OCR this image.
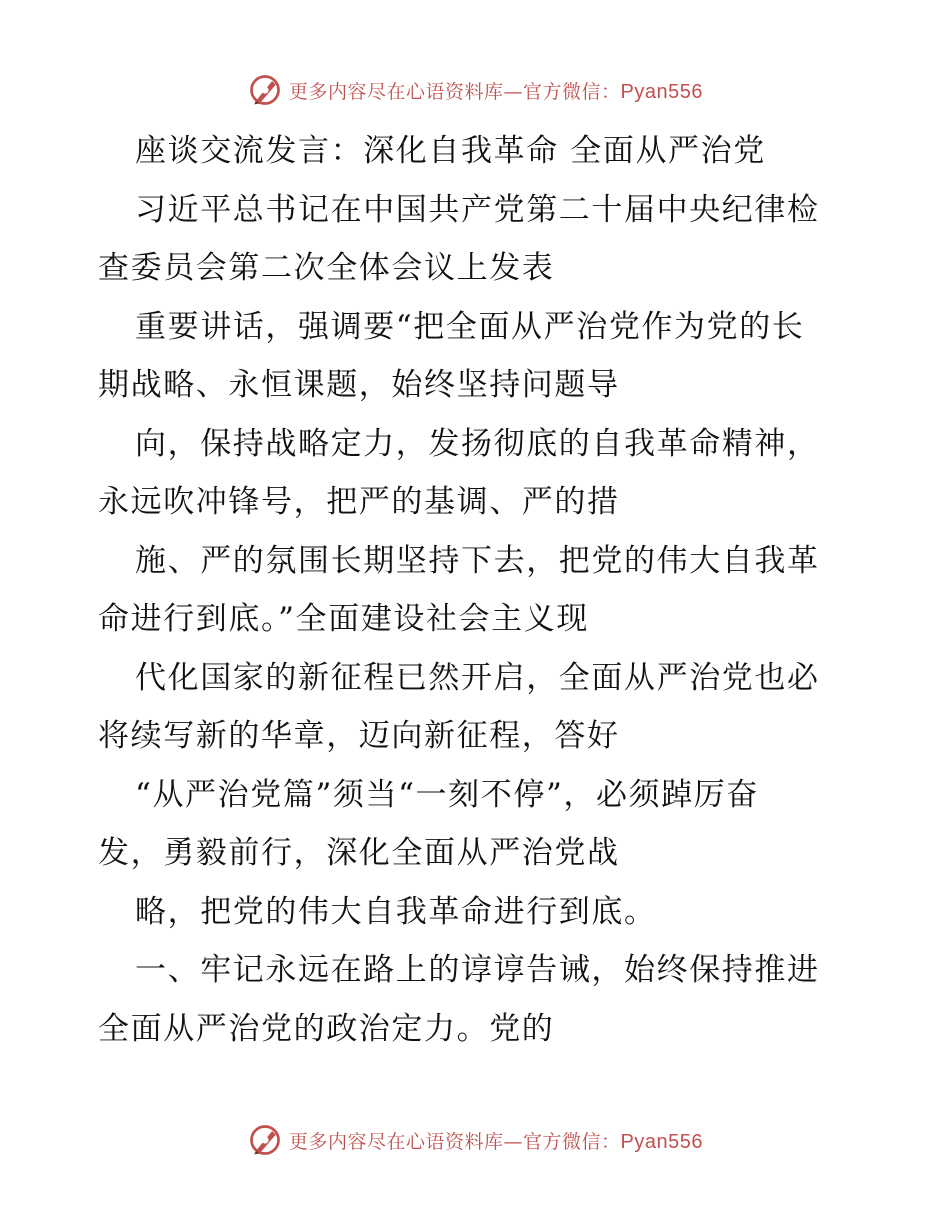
更多内容尽在心语资料库—官方微信：Pyan556
座谈交流发言：深化自我革命 全面从严治党
习近平总书记在中国共产党第二十届中央纪律检
查委员会第二次全体会议上发表
重要讲话，强调要“把全面从严治党作为党的长
期战略、永恒课题，始终坚持问题导
向，保持战略定力，发扬彻底的自我革命精神，
永远吹冲锋号，把严的基调、严的措
施、严的氛围长期坚持下去，把党的伟大自我革
命进行到底。”全面建设社会主义现
代化国家的新征程已然开启，全面从严治党也必
将续写新的华章，迈向新征程，答好
“从严治党篇”须当“一刻不停”，必须踔厉奋
发，勇毅前行，深化全面从严治党战
略，把党的伟大自我革命进行到底。
一、牢记永远在路上的谆谆告诫，始终保持推进
全面从严治党的政治定力。党的
更多内容尽在心语资料库—官方微信：Pyan556
